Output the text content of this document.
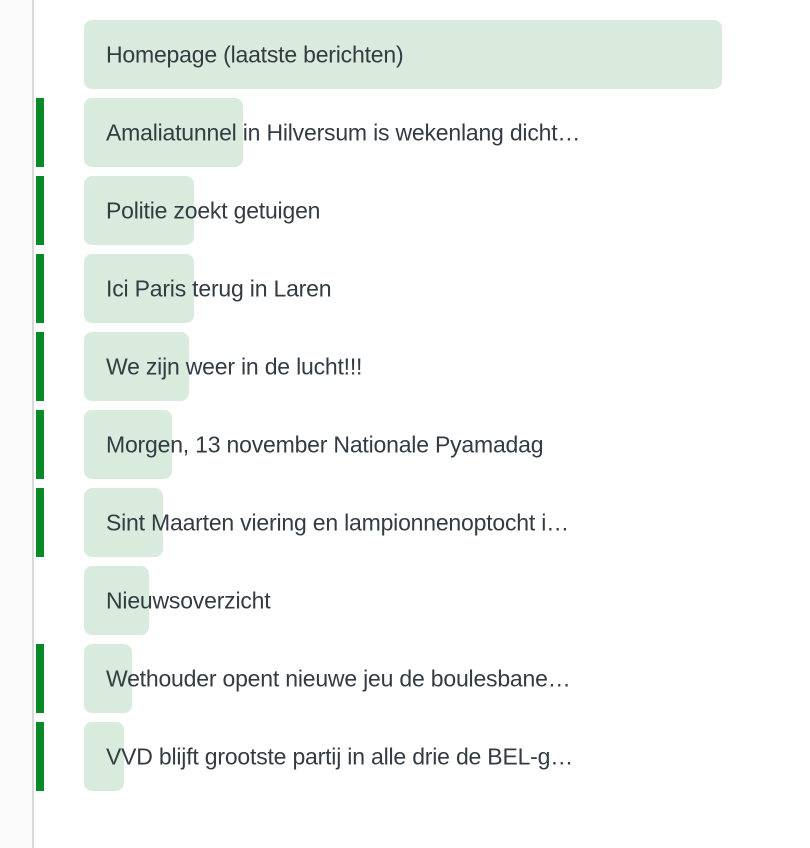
Homepage (laatste berichten)
Amaliatunnel in Hilversum is wekenlang dicht…
Politie zoekt getuigen
Ici Paris terug in Laren
We zijn weer in de lucht!!!
Morgen, 13 november Nationale Pyamadag
Sint Maarten viering en lampionnenoptocht i…
Nieuwsoverzicht
Wethouder opent nieuwe jeu de boulesbane…
VVD blijft grootste partij in alle drie de BEL-g…
